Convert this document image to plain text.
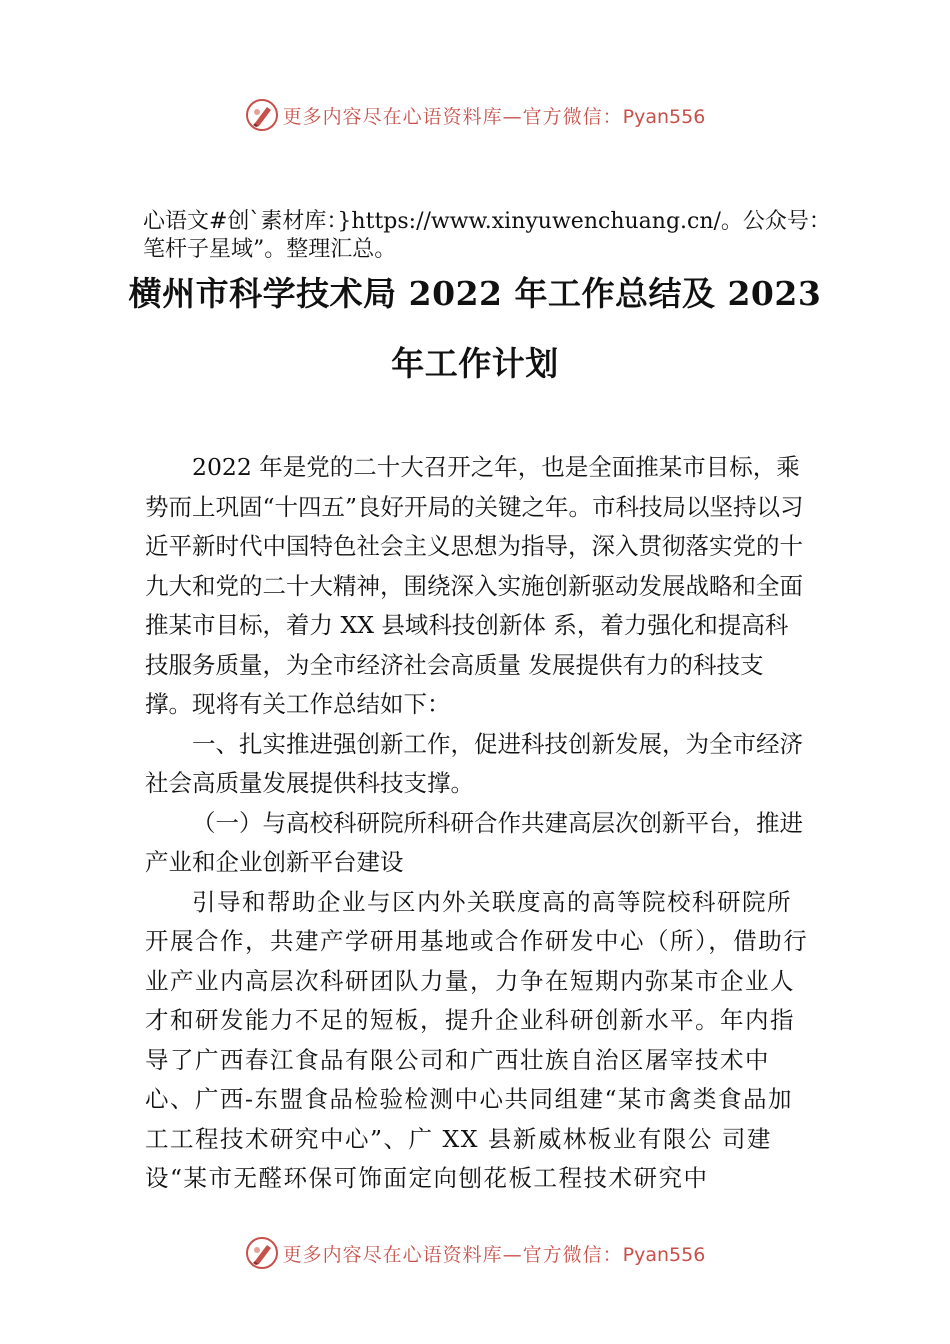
更多内容尽在心语资料库—官方微信：Pyan556
心语文#创`素材库：}https://www.xinyuwenchuang.cn/。公众号：笔杆子星域”。整理汇总。
横州市科学技术局 2022 年工作总结及 2023
年工作计划

2022 年是党的二十大召开之年，也是全面推某市目标，乘势而上巩固“十四五”良好开局的关键之年。市科技局以坚持以习近平新时代中国特色社会主义思想为指导，深入贯彻落实党的十九大和党的二十大精神，围绕深入实施创新驱动发展战略和全面推某市目标，着力 XX 县域科技创新体 系，着力强化和提高科技服务质量，为全市经济社会高质量 发展提供有力的科技支撑。现将有关工作总结如下：

一、扎实推进强创新工作，促进科技创新发展，为全市经济社会高质量发展提供科技支撑。

（一）与高校科研院所科研合作共建高层次创新平台，推进产业和企业创新平台建设

引导和帮助企业与区内外关联度高的高等院校科研院所开展合作，共建产学研用基地或合作研发中心（所），借助行业产业内高层次科研团队力量，力争在短期内弥某市企业人才和研发能力不足的短板，提升企业科研创新水平。年内指导了广西春江食品有限公司和广西壮族自治区屠宰技术中心、广西-东盟食品检验检测中心共同组建“某市禽类食品加工工程技术研究中心”、广 XX 县新威林板业有限公 司建设“某市无醛环保可饰面定向刨花板工程技术研究中

更多内容尽在心语资料库—官方微信：Pyan556
